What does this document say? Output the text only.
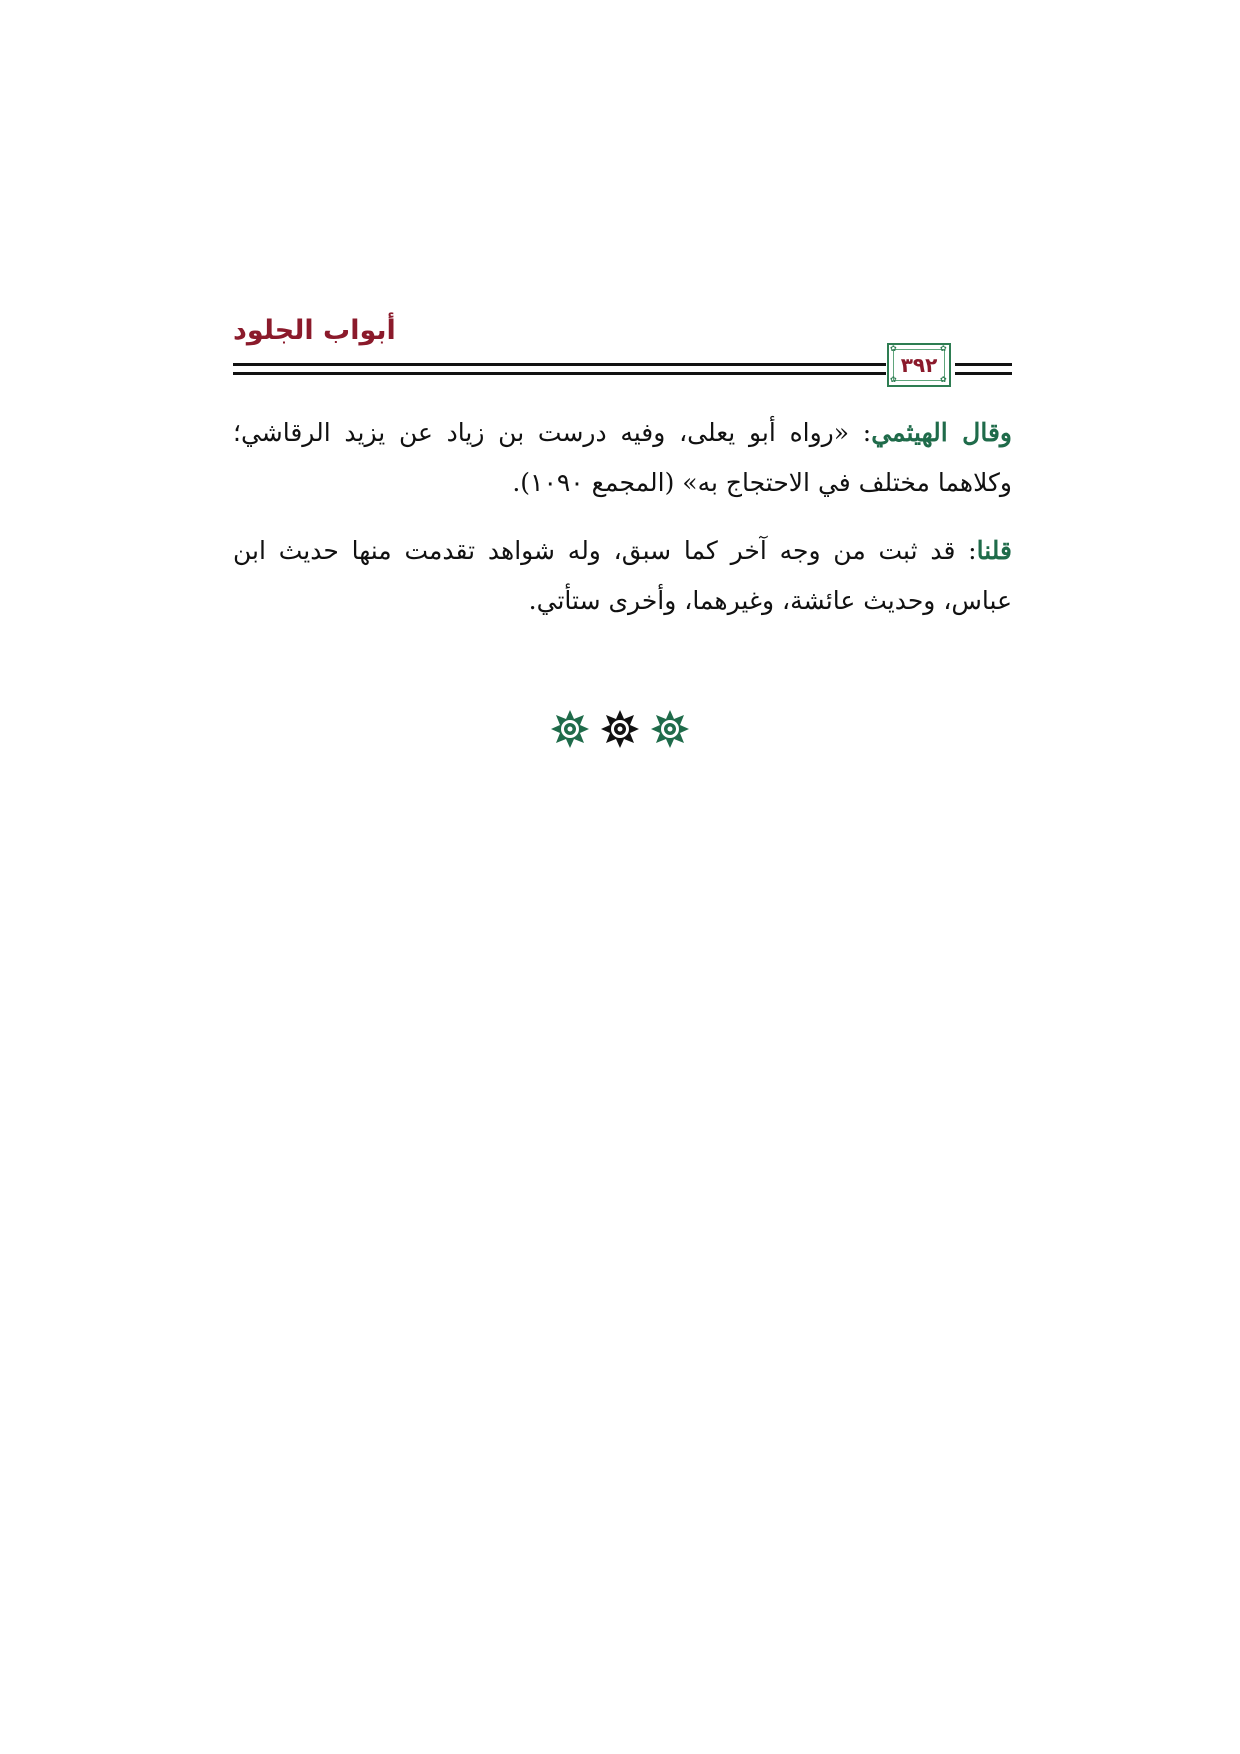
أبواب الجلود
✿	✿
✿	✿
٣٩٢

وقال الهيثمي: «رواه أبو يعلى، وفيه درست بن زياد عن يزيد الرقاشي؛ وكلاهما مختلف في الاحتجاج به» (المجمع ١٠٩٠).

قلنا: قد ثبت من وجه آخر كما سبق، وله شواهد تقدمت منها حديث ابن عباس، وحديث عائشة، وغيرهما، وأخرى ستأتي.
